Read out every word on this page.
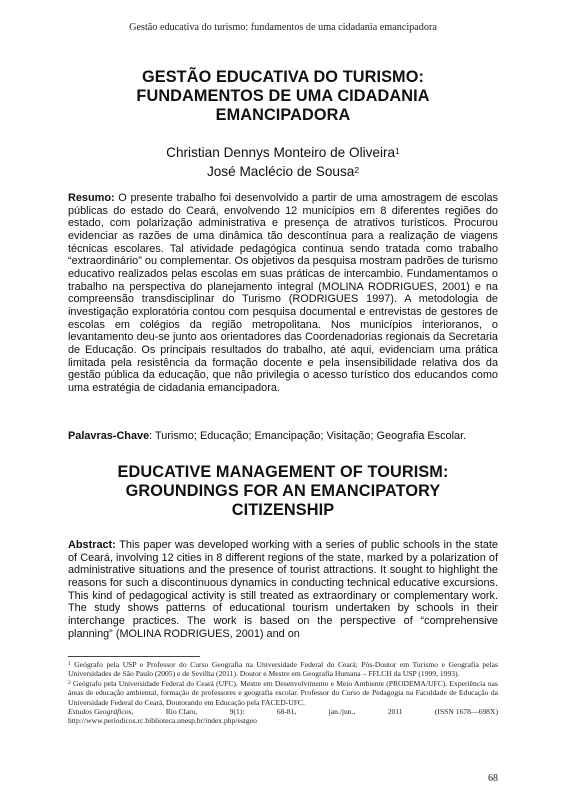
Gestão educativa do turismo: fundamentos de uma cidadania emancipadora
GESTÃO EDUCATIVA DO TURISMO:
FUNDAMENTOS DE UMA CIDADANIA
EMANCIPADORA
Christian Dennys Monteiro de Oliveira$^1$
José Maclécio de Sousa$^2$
Resumo: O presente trabalho foi desenvolvido a partir de uma amostragem de escolas públicas do estado do Ceará, envolvendo 12 municípios em 8 diferentes regiões do estado, com polarização administrativa e presença de atrativos turísticos. Procurou evidenciar as razões de uma dinâmica tão descontínua para a realização de viagens técnicas escolares. Tal atividade pedagógica continua sendo tratada como trabalho “extraordinário” ou complementar. Os objetivos da pesquisa mostram padrões de turismo educativo realizados pelas escolas em suas práticas de intercambio. Fundamentamos o trabalho na perspectiva do planejamento integral (MOLINA RODRIGUES, 2001) e na compreensão transdisciplinar do Turismo (RODRIGUES 1997). A metodologia de investigação exploratória contou com pesquisa documental e entrevistas de gestores de escolas em colégios da região metropolitana. Nos municípios interioranos, o levantamento deu-se junto aos orientadores das Coordenadorias regionais da Secretaria de Educação. Os principais resultados do trabalho, até aqui, evidenciam uma prática limitada pela resistência da formação docente e pela insensibilidade relativa dos da gestão pública da educação, que não privilegia o acesso turístico dos educandos como uma estratégia de cidadania emancipadora.
Palavras-Chave: Turismo; Educação; Emancipação; Visitação; Geografia Escolar.
EDUCATIVE MANAGEMENT OF TOURISM:
GROUNDINGS FOR AN EMANCIPATORY
CITIZENSHIP
Abstract: This paper was developed working with a series of public schools in the state of Ceará, involving 12 cities in 8 different regions of the state, marked by a polarization of administrative situations and the presence of tourist attractions. It sought to highlight the reasons for such a discontinuous dynamics in conducting technical educative excursions. This kind of pedagogical activity is still treated as extraordinary or complementary work. The study shows patterns of educational tourism undertaken by schools in their interchange practices. The work is based on the perspective of “comprehensive planning” (MOLINA RODRIGUES, 2001) and on

$^1$ Geógrafo pela USP e Professor do Curso Geografia na Universidade Federal do Ceará; Pós-Doutor em Turismo e Geografia pelas Universidades de São Paulo (2005) e de Sevilha (2011). Doutor e Mestre em Geografia Humana – FFLCH da USP (1999, 1993).

$^2$ Geógrafo pela Universidade Federal do Ceará (UFC). Mestre em Desenvolvimento e Meio Ambiente (PRODEMA/UFC). Experiência nas áreas de educação ambiental, formação de professores e geografia escolar. Professor do Curso de Pedagogia na Faculdade de Educação da Universidade Federal do Ceará, Doutorando em Educação pela FACED-UFC.

Estudos Geográficos,	Rio Claro,	9(1):	68-81,	jan./jun.,	2011	(ISSN 1678—698X)
http://www.periodicos.rc.biblioteca.unesp.br/index.php/estgeo
68
